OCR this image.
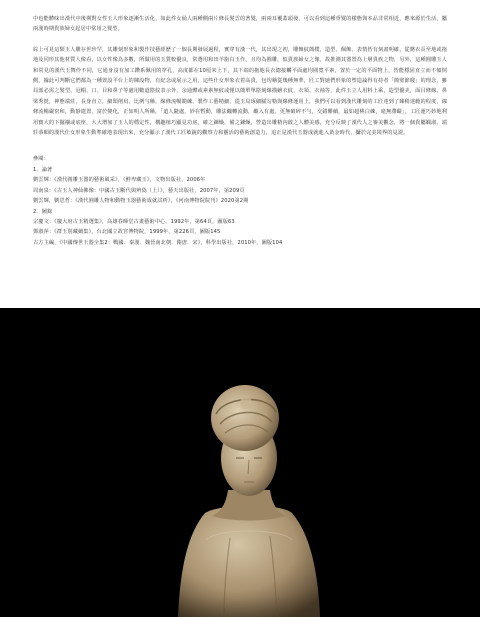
中也能體味出漢代中後期對女性玉人形象逐漸生活化，如此件女俑人兩種側兩片條長髮雲的著髮，兩兩耳覆蓋頭發，可以看到這種垂髮的樣態與本品非常相近，應來源於生活，屬兩漢時期貴族婦女起居中常用之髮型。

綜上可見這類玉人雕存世珍罕，其雕刻形象和製作技藝經歷了一個長期發展過程，實穿有漢一代，其出現之初，雕飾紋簡樸，造型、佩飾、表情皆有刻畫明確，從斃衣長至地或拖地及同形其他材質人像看，以女性像為多數，所做用的玉質較優良，常選用和田羊脂白玉作，且均為圓雕，似貴族婦女之像，故推測其器置為上層貴族之物，另外，這種圓雕玉人和常見的漢代玉舞伶不同，它通身沒有加工鑽系佩用的穿孔，高度都在10厘米上下，其下端的拖地長衣總接觸平面處均圓寬平素，置於一定的平面物上，皆能穩固直立而不傾倒側，據此可判斷它們都為一種置設平台上的陳設物，有紀念或展示之用，這些什女形象衣着高貴，包均稱從幾種無華，匠工對她們形象的塑造論得有持者「簡璧節賤」的理念，雖局部必需之髮型、冠帽、口、目和鼻子等處用數道陰紋表示外，余通體或素素無紋或僅以簡單單陰刻線描繪衣紋，衣領、衣袖等，此件玉立人用料上乘，造型優美，面目條線，鼻梁秀挺，神態端莊，長身直立，細頸削肩，比例勻稱，線條流暢簡練，製作工藝精細，從玉局琢細膩勾勒與線條運用上，我們可以看到漢代雕刻的工匠達到了臻稍達範的程度，線條流暢嚴密和，動靜遣置，富於變化，正如明人所稱，「道人隨處，妙在暫動，雕法纏轉流動，繼入有處，更無破碎不勻，交錯難續，最如超桃白練，毫無滯礙」，工匠運巧妙地利用寶大的下擺襯或底座，大大增加了玉人的穩定性，構趣植巧顯見功底，確之鍊燥，備之鍊燥，營造出雕精內斂之人體美感，充分反映了漢代人之審美觀念，將一個貴屬嫻淑、端莊恭順的漢代仕女形象生動準確地表現出來，充分顯示了漢代工匠敏銳的觀察力和靈活的藝術創造力，追正是漢代玉器成就進入黃金時代，攝於完美境界的見證。

參閱：
1．論著
劉雲輝：《漢代圓雕玉器的藝術風采》，《鮮卑藏玉》，文物出版社，2006年
周南泉：《古玉人神仙佛像：中國古玉斷代與辨偽（上）》，藝天出版社，2007年，第209頁
劉雲輝，劉思哲：《漢代圓雕人物和動物玉器藝術成就試析》，《河南博物院院刊》2020第2期
2．圖錄
宗慶文：《慶大府古玉精選集》，高雄春暉堂古畫藝術中心，1992年，第64頁，圖版63
鄧淑萍：《群玉別藏續集》，台北國立故宮博物院，1999年，第226頁，圖版145
古方主編，《中國傳世玉器全集2：戰國．秦漢．魏晉南北朝．隋唐．宋》，科學出版社，2010年，圖版104
